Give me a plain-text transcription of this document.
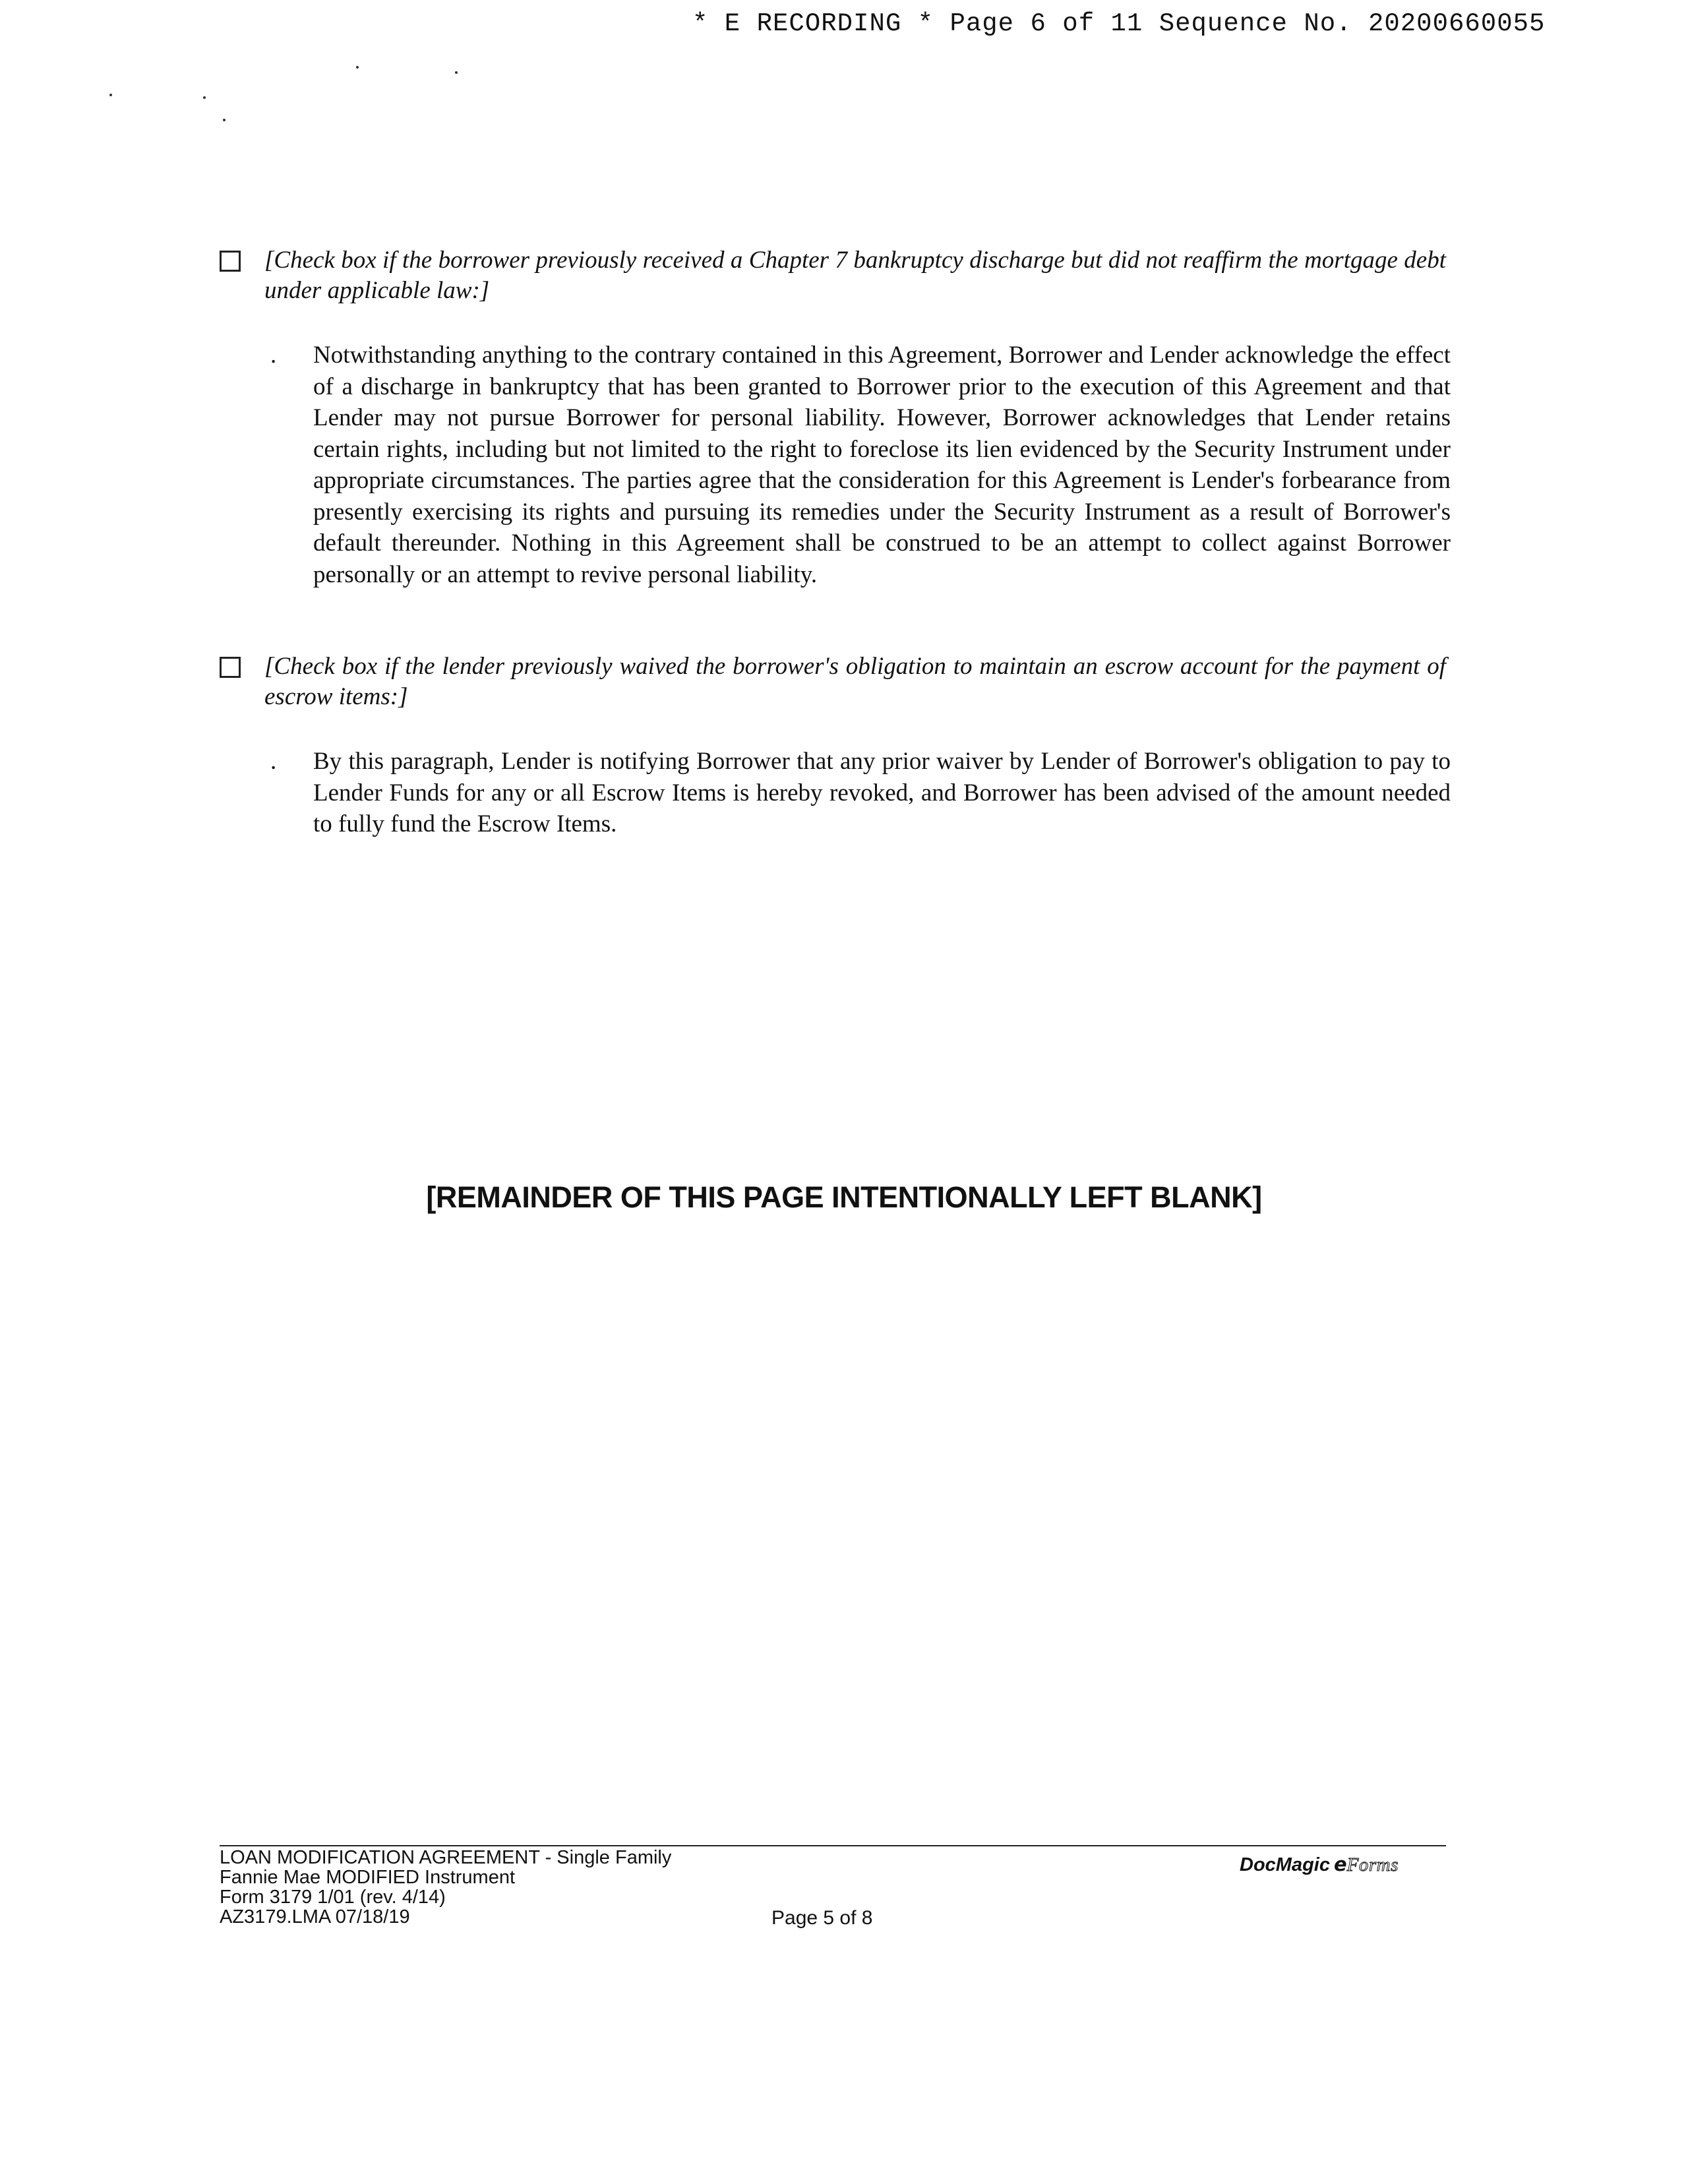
* E RECORDING * Page 6 of 11 Sequence No. 20200660055
[Check box if the borrower previously received a Chapter 7 bankruptcy discharge but did not reaffirm the mortgage debt under applicable law:]
. Notwithstanding anything to the contrary contained in this Agreement, Borrower and Lender acknowledge the effect of a discharge in bankruptcy that has been granted to Borrower prior to the execution of this Agreement and that Lender may not pursue Borrower for personal liability. However, Borrower acknowledges that Lender retains certain rights, including but not limited to the right to foreclose its lien evidenced by the Security Instrument under appropriate circumstances. The parties agree that the consideration for this Agreement is Lender's forbearance from presently exercising its rights and pursuing its remedies under the Security Instrument as a result of Borrower's default thereunder. Nothing in this Agreement shall be construed to be an attempt to collect against Borrower personally or an attempt to revive personal liability.
[Check box if the lender previously waived the borrower's obligation to maintain an escrow account for the payment of escrow items:]
. By this paragraph, Lender is notifying Borrower that any prior waiver by Lender of Borrower's obligation to pay to Lender Funds for any or all Escrow Items is hereby revoked, and Borrower has been advised of the amount needed to fully fund the Escrow Items.
[REMAINDER OF THIS PAGE INTENTIONALLY LEFT BLANK]
LOAN MODIFICATION AGREEMENT - Single Family
Fannie Mae MODIFIED Instrument
Form 3179 1/01 (rev. 4/14)
AZ3179.LMA 07/18/19	Page 5 of 8
DocMagic eForms
